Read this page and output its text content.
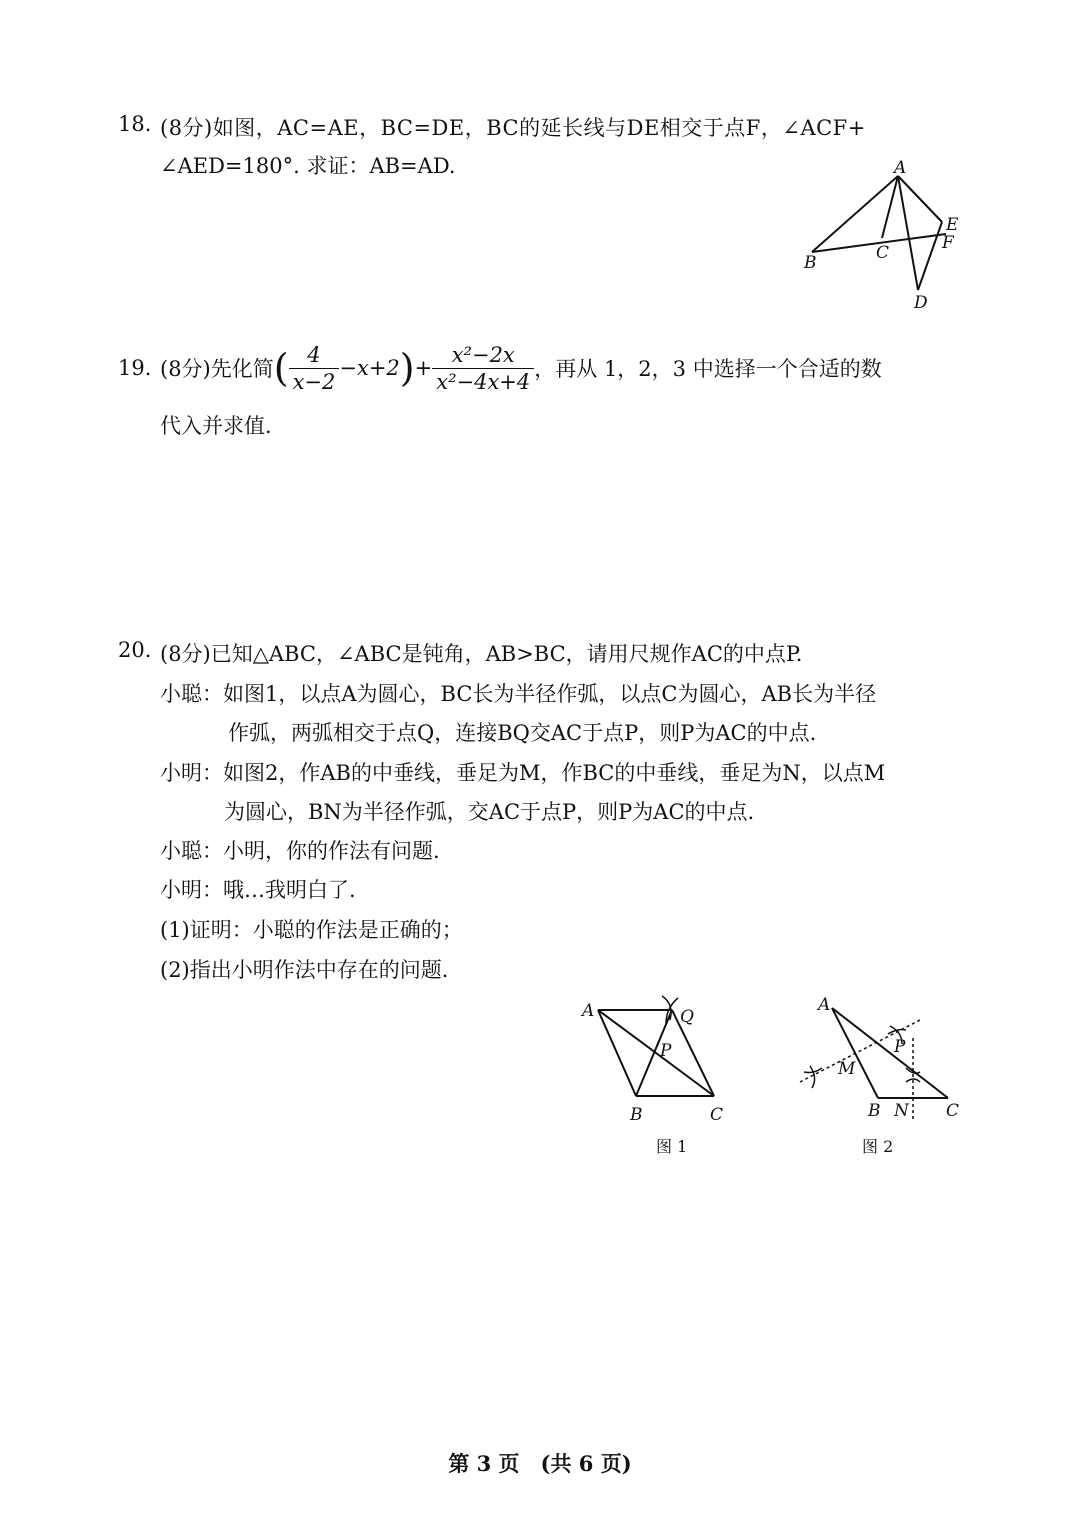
18. (8分)如图，AC=AE，BC=DE，BC的延长线与DE相交于点F，∠ACF+
∠AED=180°. 求证：AB=AD.	A
B	C
D
E
F
19. (8分)先化简 ( $\frac{4}{x-2} -x+2$ ) + $\frac{\text{x²−2x}}{\text{x²−4x+4}}$ ，再从 1，2，3 中选择一个合适的数
代入并求值.
20. (8分)已知△ABC，∠ABC是钝角，AB>BC，请用尺规作AC的中点P.
小聪：如图1，以点A为圆心，BC长为半径作弧，以点C为圆心，AB长为半径
作弧，两弧相交于点Q，连接BQ交AC于点P，则P为AC的中点.
小明：如图2，作AB的中垂线，垂足为M，作BC的中垂线，垂足为N，以点M
为圆心，BN为半径作弧，交AC于点P，则P为AC的中点.
小聪：小明，你的作法有问题.
小明：哦…我明白了.
(1)证明：小聪的作法是正确的；
(2)指出小明作法中存在的问题.
A	Q
P
B	C
图 1
A
P
M
B N C
图 2
第 3 页　(共 6 页)
